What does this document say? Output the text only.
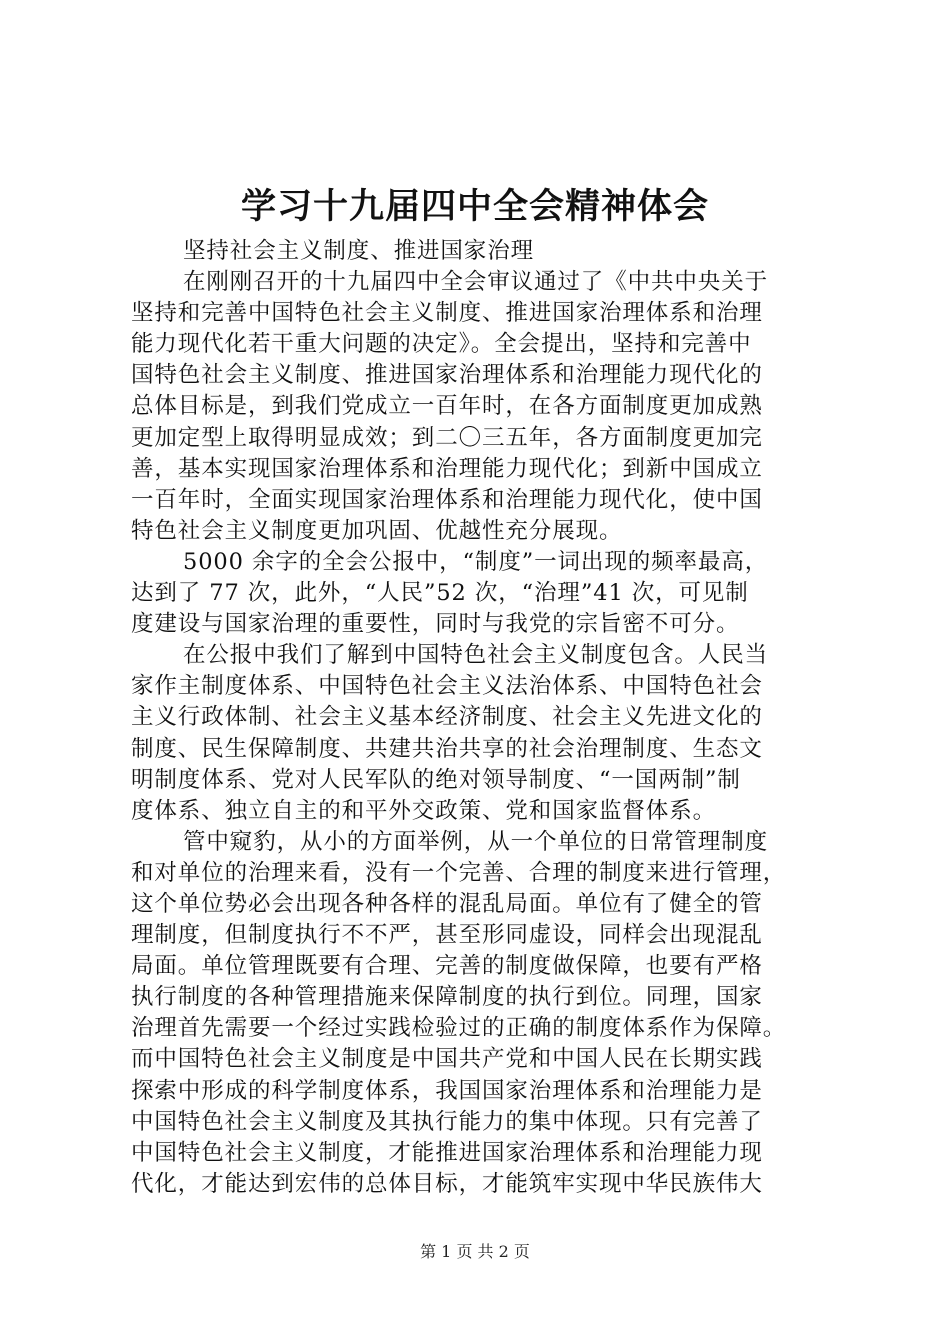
学习十九届四中全会精神体会
坚持社会主义制度、推进国家治理
在刚刚召开的十九届四中全会审议通过了《中共中央关于
坚持和完善中国特色社会主义制度、推进国家治理体系和治理
能力现代化若干重大问题的决定》。全会提出，坚持和完善中
国特色社会主义制度、推进国家治理体系和治理能力现代化的
总体目标是，到我们党成立一百年时，在各方面制度更加成熟
更加定型上取得明显成效；到二〇三五年，各方面制度更加完
善，基本实现国家治理体系和治理能力现代化；到新中国成立
一百年时，全面实现国家治理体系和治理能力现代化，使中国
特色社会主义制度更加巩固、优越性充分展现。
5000 余字的全会公报中，“制度”一词出现的频率最高，
达到了 77 次，此外，“人民”52 次，“治理”41 次，可见制
度建设与国家治理的重要性，同时与我党的宗旨密不可分。
在公报中我们了解到中国特色社会主义制度包含。人民当
家作主制度体系、中国特色社会主义法治体系、中国特色社会
主义行政体制、社会主义基本经济制度、社会主义先进文化的
制度、民生保障制度、共建共治共享的社会治理制度、生态文
明制度体系、党对人民军队的绝对领导制度、“一国两制”制
度体系、独立自主的和平外交政策、党和国家监督体系。
管中窥豹，从小的方面举例，从一个单位的日常管理制度
和对单位的治理来看，没有一个完善、合理的制度来进行管理，
这个单位势必会出现各种各样的混乱局面。单位有了健全的管
理制度，但制度执行不不严，甚至形同虚设，同样会出现混乱
局面。单位管理既要有合理、完善的制度做保障，也要有严格
执行制度的各种管理措施来保障制度的执行到位。同理，国家
治理首先需要一个经过实践检验过的正确的制度体系作为保障。
而中国特色社会主义制度是中国共产党和中国人民在长期实践
探索中形成的科学制度体系，我国国家治理体系和治理能力是
中国特色社会主义制度及其执行能力的集中体现。只有完善了
中国特色社会主义制度，才能推进国家治理体系和治理能力现
代化，才能达到宏伟的总体目标，才能筑牢实现中华民族伟大
第 1 页 共 2 页
